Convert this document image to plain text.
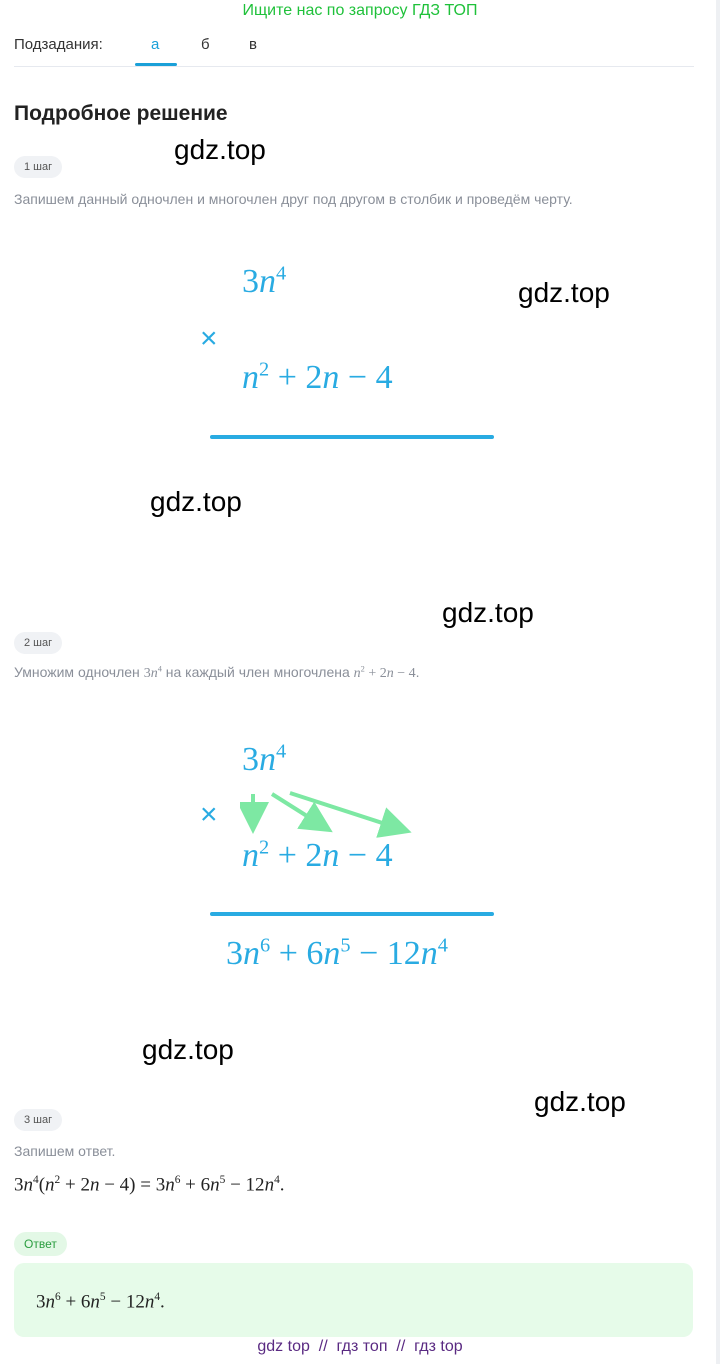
Ищите нас по запросу ГДЗ ТОП
Подзадания:	а	б	в
Подробное решение
1 шаг
Запишем данный одночлен и многочлен друг под другом в столбик и проведём черту.
$3n^4$
×
$n^2 + 2n - 4$
2 шаг
Умножим одночлен $3n^4$ на каждый член многочлена $n^2 + 2n - 4$.
$3n^4$
×
$n^2 + 2n - 4$
$3n^6 + 6n^5 - 12n^4$
3 шаг
Запишем ответ.
$3n^4(n^2 + 2n - 4) = 3n^6 + 6n^5 - 12n^4$.
Ответ
$3n^6 + 6n^5 - 12n^4$.
gdz.top
gdz.top
gdz.top
gdz.top
gdz.top
gdz.top
gdz top  //  гдз топ  //  гдз top
